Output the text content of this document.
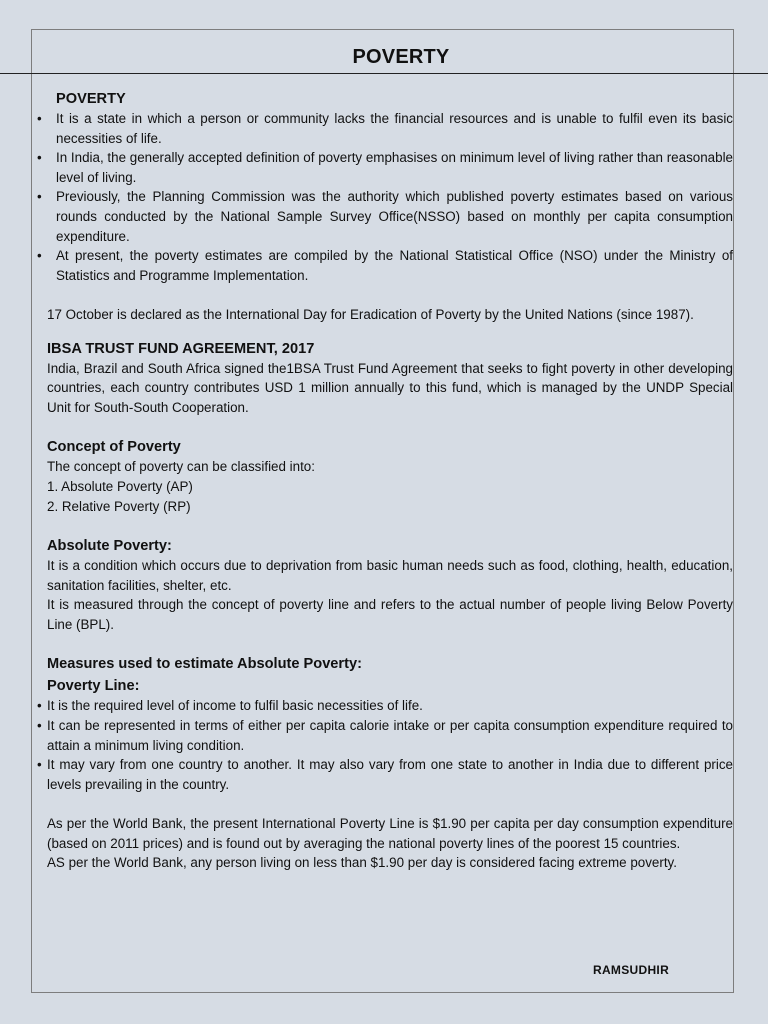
POVERTY
POVERTY
• It is a state in which a person or community lacks the financial resources and is unable to fulfil even its basic necessities of life.
• In India, the generally accepted definition of poverty emphasises on minimum level of living rather than reasonable level of living.
• Previously, the Planning Commission was the authority which published poverty estimates based on various rounds conducted by the National Sample Survey Office(NSSO) based on monthly per capita consumption expenditure.
• At present, the poverty estimates are compiled by the National Statistical Office (NSO) under the Ministry of Statistics and Programme Implementation.

17 October is declared as the International Day for Eradication of Poverty by the United Nations (since 1987).

IBSA TRUST FUND AGREEMENT, 2017

India, Brazil and South Africa signed the1BSA Trust Fund Agreement that seeks to fight poverty in other developing countries, each country contributes USD 1 million annually to this fund, which is managed by the UNDP Special Unit for South-South Cooperation.

Concept of Poverty

The concept of poverty can be classified into:

1. Absolute Poverty (AP)

2. Relative Poverty (RP)

Absolute Poverty:

It is a condition which occurs due to deprivation from basic human needs such as food, clothing, health, education, sanitation facilities, shelter, etc.

It is measured through the concept of poverty line and refers to the actual number of people living Below Poverty Line (BPL).

Measures used to estimate Absolute Poverty:
Poverty Line:
• It is the required level of income to fulfil basic necessities of life.
• It can be represented in terms of either per capita calorie intake or per capita consumption expenditure required to attain a minimum living condition.
• It may vary from one country to another. It may also vary from one state to another in India due to different price levels prevailing in the country.

As per the World Bank, the present International Poverty Line is $1.90 per capita per day consumption expenditure (based on 2011 prices) and is found out by averaging the national poverty lines of the poorest 15 countries.

AS per the World Bank, any person living on less than $1.90 per day is considered facing extreme poverty.

RAMSUDHIR
